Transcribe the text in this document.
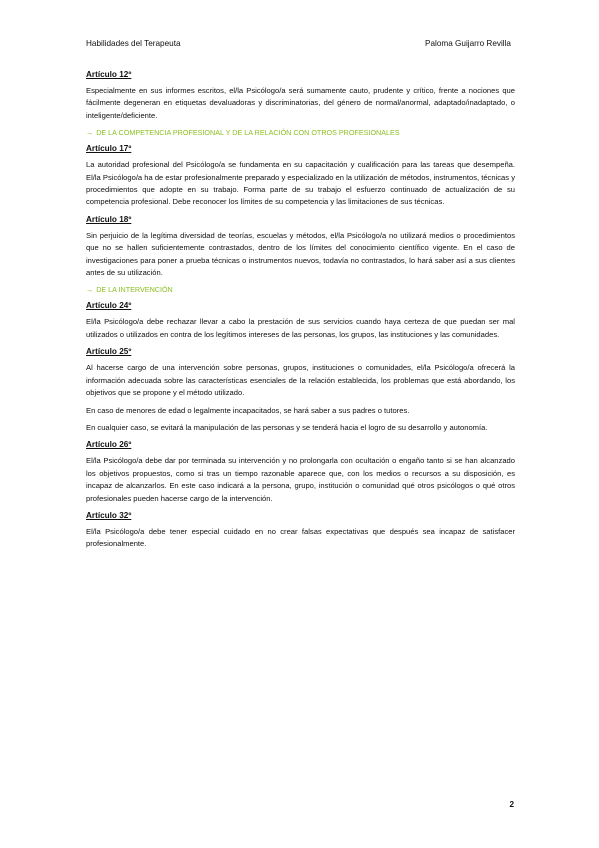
Habilidades del Terapeuta	Paloma Guijarro Revilla
Artículo 12º
Especialmente en sus informes escritos, el/la Psicólogo/a será sumamente cauto, prudente y crítico, frente a nociones que fácilmente degeneran en etiquetas devaluadoras y discriminatorias, del género de normal/anormal, adaptado/inadaptado, o inteligente/deficiente.
→ DE LA COMPETENCIA PROFESIONAL Y DE LA RELACIÓN CON OTROS PROFESIONALES
Artículo 17º
La autoridad profesional del Psicólogo/a se fundamenta en su capacitación y cualificación para las tareas que desempeña. El/la Psicólogo/a ha de estar profesionalmente preparado y especializado en la utilización de métodos, instrumentos, técnicas y procedimientos que adopte en su trabajo. Forma parte de su trabajo el esfuerzo continuado de actualización de su competencia profesional. Debe reconocer los límites de su competencia y las limitaciones de sus técnicas.
Artículo 18º
Sin perjuicio de la legítima diversidad de teorías, escuelas y métodos, el/la Psicólogo/a no utilizará medios o procedimientos que no se hallen suficientemente contrastados, dentro de los límites del conocimiento científico vigente. En el caso de investigaciones para poner a prueba técnicas o instrumentos nuevos, todavía no contrastados, lo hará saber así a sus clientes antes de su utilización.
→ DE LA INTERVENCIÓN
Artículo 24º
El/la Psicólogo/a debe rechazar llevar a cabo la prestación de sus servicios cuando haya certeza de que puedan ser mal utilizados o utilizados en contra de los legítimos intereses de las personas, los grupos, las instituciones y las comunidades.
Artículo 25º
Al hacerse cargo de una intervención sobre personas, grupos, instituciones o comunidades, el/la Psicólogo/a ofrecerá la información adecuada sobre las características esenciales de la relación establecida, los problemas que está abordando, los objetivos que se propone y el método utilizado.
En caso de menores de edad o legalmente incapacitados, se hará saber a sus padres o tutores.
En cualquier caso, se evitará la manipulación de las personas y se tenderá hacia el logro de su desarrollo y autonomía.
Artículo 26º
El/la Psicólogo/a debe dar por terminada su intervención y no prolongarla con ocultación o engaño tanto si se han alcanzado los objetivos propuestos, como si tras un tiempo razonable aparece que, con los medios o recursos a su disposición, es incapaz de alcanzarlos. En este caso indicará a la persona, grupo, institución o comunidad qué otros psicólogos o qué otros profesionales pueden hacerse cargo de la intervención.
Artículo 32º
El/la Psicólogo/a debe tener especial cuidado en no crear falsas expectativas que después sea incapaz de satisfacer profesionalmente.
2
